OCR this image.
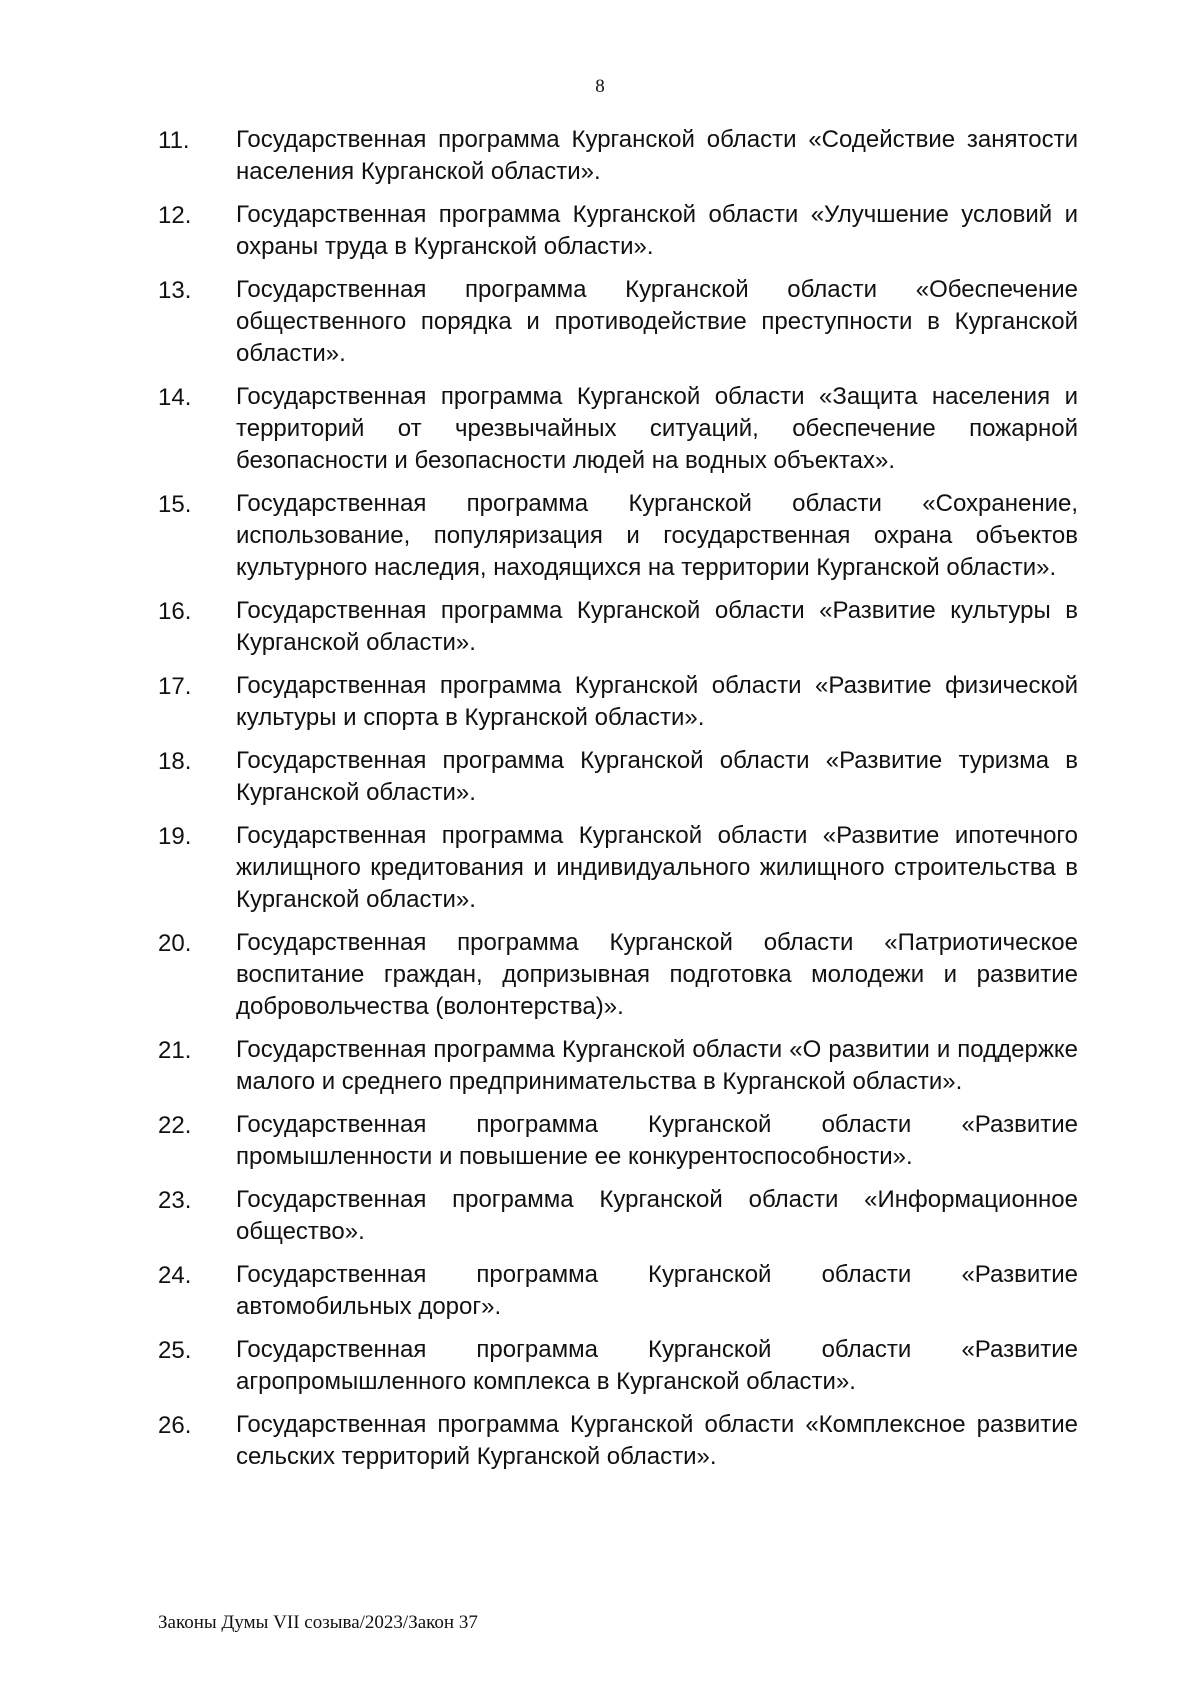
8
11.	Государственная программа Курганской области «Содействие занятости населения Курганской области».
12.	Государственная программа Курганской области «Улучшение условий и охраны труда в Курганской области».
13.	Государственная программа Курганской области «Обеспечение общественного порядка и противодействие преступности в Курганской области».
14.	Государственная программа Курганской области «Защита населения и территорий от чрезвычайных ситуаций, обеспечение пожарной безопасности и безопасности людей на водных объектах».
15.	Государственная программа Курганской области «Сохранение, использование, популяризация и государственная охрана объектов культурного наследия, находящихся на территории Курганской области».
16.	Государственная программа Курганской области «Развитие культуры в Курганской области».
17.	Государственная программа Курганской области «Развитие физической культуры и спорта в Курганской области».
18.	Государственная программа Курганской области «Развитие туризма в Курганской области».
19.	Государственная программа Курганской области «Развитие ипотечного жилищного кредитования и индивидуального жилищного строительства в Курганской области».
20.	Государственная программа Курганской области «Патриотическое воспитание граждан, допризывная подготовка молодежи и развитие добровольчества (волонтерства)».
21.	Государственная программа Курганской области «О развитии и поддержке малого и среднего предпринимательства в Курганской области».
22.	Государственная программа Курганской области «Развитие промышленности и повышение ее конкурентоспособности».
23.	Государственная программа Курганской области «Информационное общество».
24.	Государственная программа Курганской области «Развитие автомобильных дорог».
25.	Государственная программа Курганской области «Развитие агропромышленного комплекса в Курганской области».
26.	Государственная программа Курганской области «Комплексное развитие сельских территорий Курганской области».
Законы Думы VII созыва/2023/Закон 37
